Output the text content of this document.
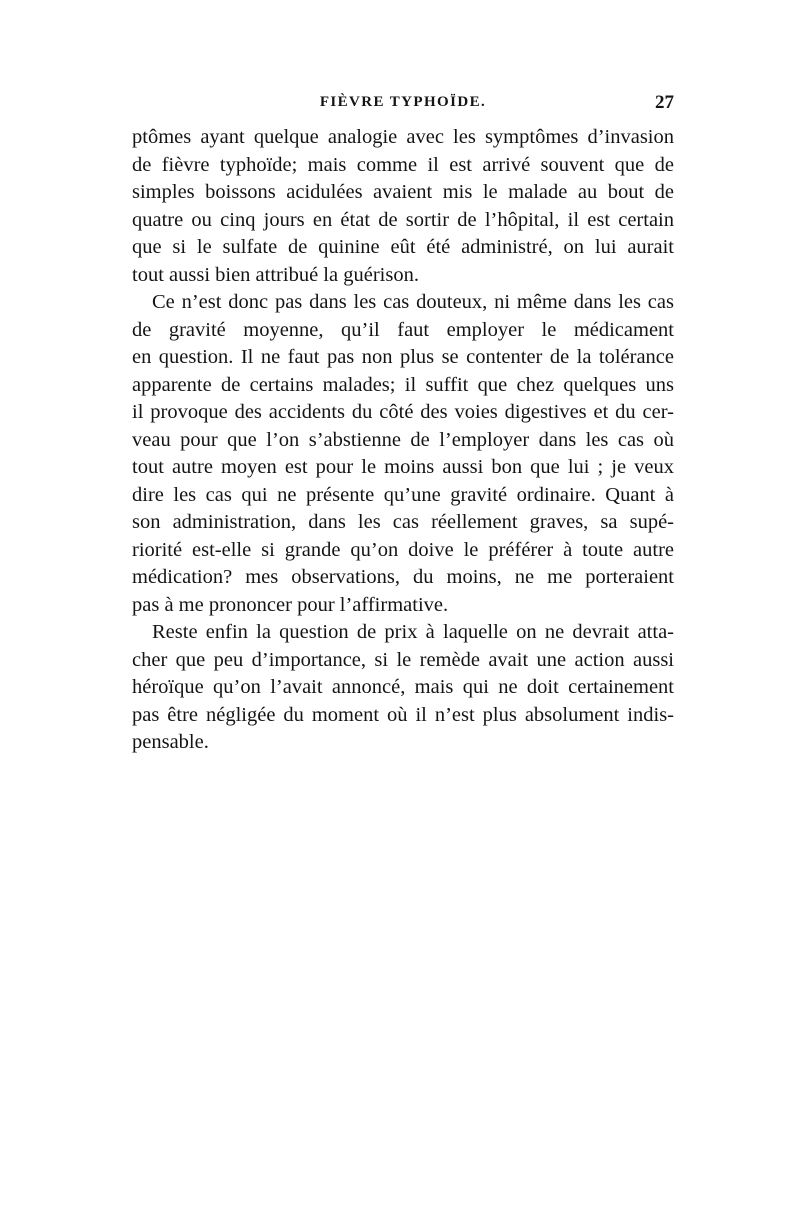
FIÈVRE TYPHOÏDE.	27
ptômes ayant quelque analogie avec les symptômes d’invasion
de fièvre typhoïde; mais comme il est arrivé souvent que de
simples boissons acidulées avaient mis le malade au bout de
quatre ou cinq jours en état de sortir de l’hôpital, il est certain
que si le sulfate de quinine eût été administré, on lui aurait
tout aussi bien attribué la guérison.
Ce n’est donc pas dans les cas douteux, ni même dans les cas
de gravité moyenne, qu’il faut employer le médicament
en question. Il ne faut pas non plus se contenter de la tolérance
apparente de certains malades; il suffit que chez quelques uns
il provoque des accidents du côté des voies digestives et du cer-
veau pour que l’on s’abstienne de l’employer dans les cas où
tout autre moyen est pour le moins aussi bon que lui ; je veux
dire les cas qui ne présente qu’une gravité ordinaire. Quant à
son administration, dans les cas réellement graves, sa supé-
riorité est-elle si grande qu’on doive le préférer à toute autre
médication? mes observations, du moins, ne me porteraient
pas à me prononcer pour l’affirmative.
Reste enfin la question de prix à laquelle on ne devrait atta-
cher que peu d’importance, si le remède avait une action aussi
héroïque qu’on l’avait annoncé, mais qui ne doit certainement
pas être négligée du moment où il n’est plus absolument indis-
pensable.
